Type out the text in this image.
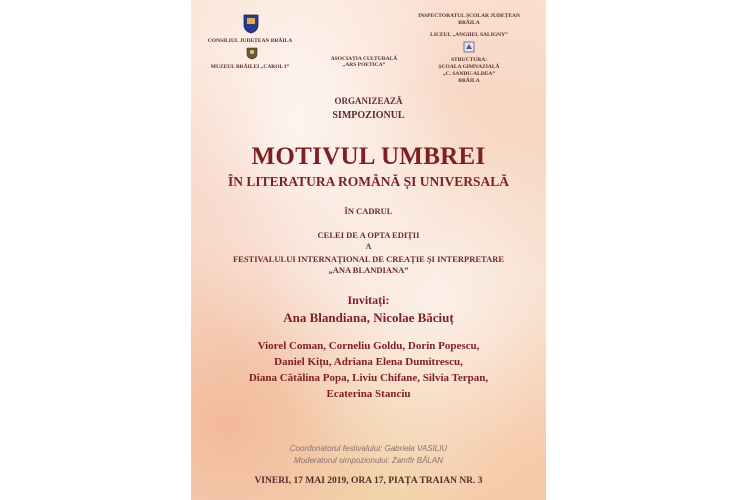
CONSILIUL JUDEȚEAN BRĂILA
MUZEUL BRĂILEI „CAROL I”
ASOCIAȚIA CULTURALĂ
„ARS POETICA”
INSPECTORATUL ȘCOLAR JUDEȚEAN
BRĂILA
LICEUL „ANGHEL SALIGNY”
STRUCTURA:
ȘCOALA GIMNAZIALĂ
„C. SANDU-ALDEA”
BRĂILA
ORGANIZEAZĂ
SIMPOZIONUL
MOTIVUL UMBREI
ÎN LITERATURA ROMÂNĂ ȘI UNIVERSALĂ
ÎN CADRUL
CELEI DE A OPTA EDIȚII
A
FESTIVALULUI INTERNAȚIONAL DE CREAȚIE ȘI INTERPRETARE
„ANA BLANDIANA”
Invitați:
Ana Blandiana, Nicolae Băciuț
Viorel Coman, Corneliu Goldu, Dorin Popescu,
Daniel Kițu, Adriana Elena Dumitrescu,
Diana Cătălina Popa, Liviu Chifane, Silvia Terpan,
Ecaterina Stanciu
Coordonatorul festivalului: Gabriela VASILIU
Moderatorul simpozionului: Zamfir BĂLAN
VINERI, 17 MAI 2019, ORA 17, PIAȚA TRAIAN NR. 3
